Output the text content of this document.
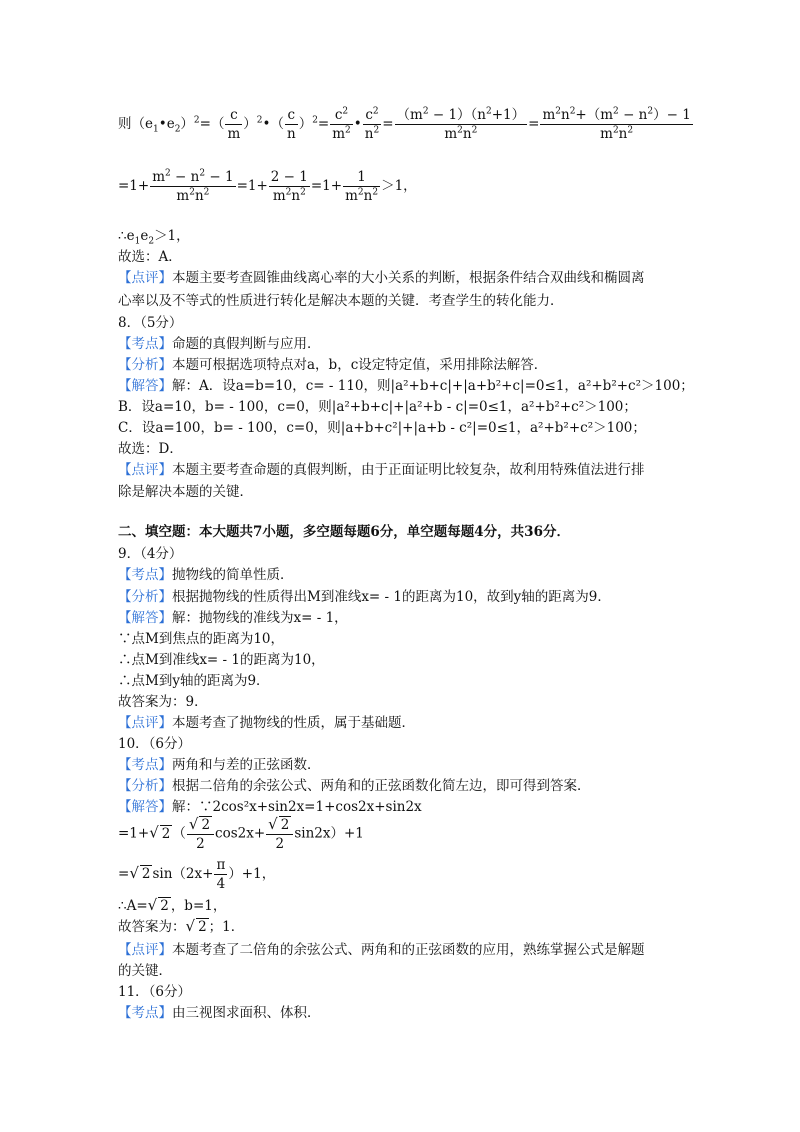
则$(e_1•e_2)^2=( \frac{c}{m}$ ）$^2$•（ $\frac{c}{n} )^2= \frac{c^2}{m^2}$ • $\frac{c^2}{n^2} = \frac{(m^2 - 1)(n^2+1)}{m^2n^2} = \frac{m^2n^2+(m^2 - n^2)- 1}{m^2n^2}$
$=1+ \frac{m^2 - n^2 - 1}{m^2n^2} =1+ \frac{2 - 1}{m^2n^2} =1+ \frac{1}{m^2n^2} >1$，
$\therefore e_1e_2>1$，
故选：A．
【点评】本题主要考查圆锥曲线离心率的大小关系的判断，根据条件结合双曲线和椭圆离
心率以及不等式的性质进行转化是解决本题的关键．考查学生的转化能力．
8．（5分）
【考点】命题的真假判断与应用．
【分析】本题可根据选项特点对a，b，c设定特定值，采用排除法解答．
【解答】解：A．设a=b=10，c= - 110，则|a²+b+c|+|a+b²+c|=0≤1，a²+b²+c²＞100；
B．设a=10，b= - 100，c=0，则|a²+b+c|+|a²+b - c|=0≤1，a²+b²+c²＞100；
C．设a=100，b= - 100，c=0，则|a+b+c²|+|a+b - c²|=0≤1，a²+b²+c²＞100；
故选：D．
【点评】本题主要考查命题的真假判断，由于正面证明比较复杂，故利用特殊值法进行排
除是解决本题的关键．
二、填空题：本大题共7小题，多空题每题6分，单空题每题4分，共36分．
9．（4分）
【考点】抛物线的简单性质．
【分析】根据抛物线的性质得出M到准线x= - 1的距离为10，故到y轴的距离为9．
【解答】解：抛物线的准线为x= - 1，
∵点M到焦点的距离为10，
∴点M到准线x= - 1的距离为10，
∴点M到y轴的距离为9．
故答案为：9．
【点评】本题考查了抛物线的性质，属于基础题．
10．（6分）
【考点】两角和与差的正弦函数．
【分析】根据二倍角的余弦公式、两角和的正弦函数化简左边，即可得到答案．
【解答】解：∵2cos²x+sin2x=1+cos2x+sin2x
=1+√ 2 （ $\frac{√ 2}{2} \cos 2x+ \frac{√ 2}{2} \sin 2x)+1$
=√ 2 $\sin(2x+ \frac{\pi}{4} )+1$，
∴A=√ 2 ，b=1，
故答案为：√ 2 ；1．
【点评】本题考查了二倍角的余弦公式、两角和的正弦函数的应用，熟练掌握公式是解题
的关键．
11．（6分）
【考点】由三视图求面积、体积．
